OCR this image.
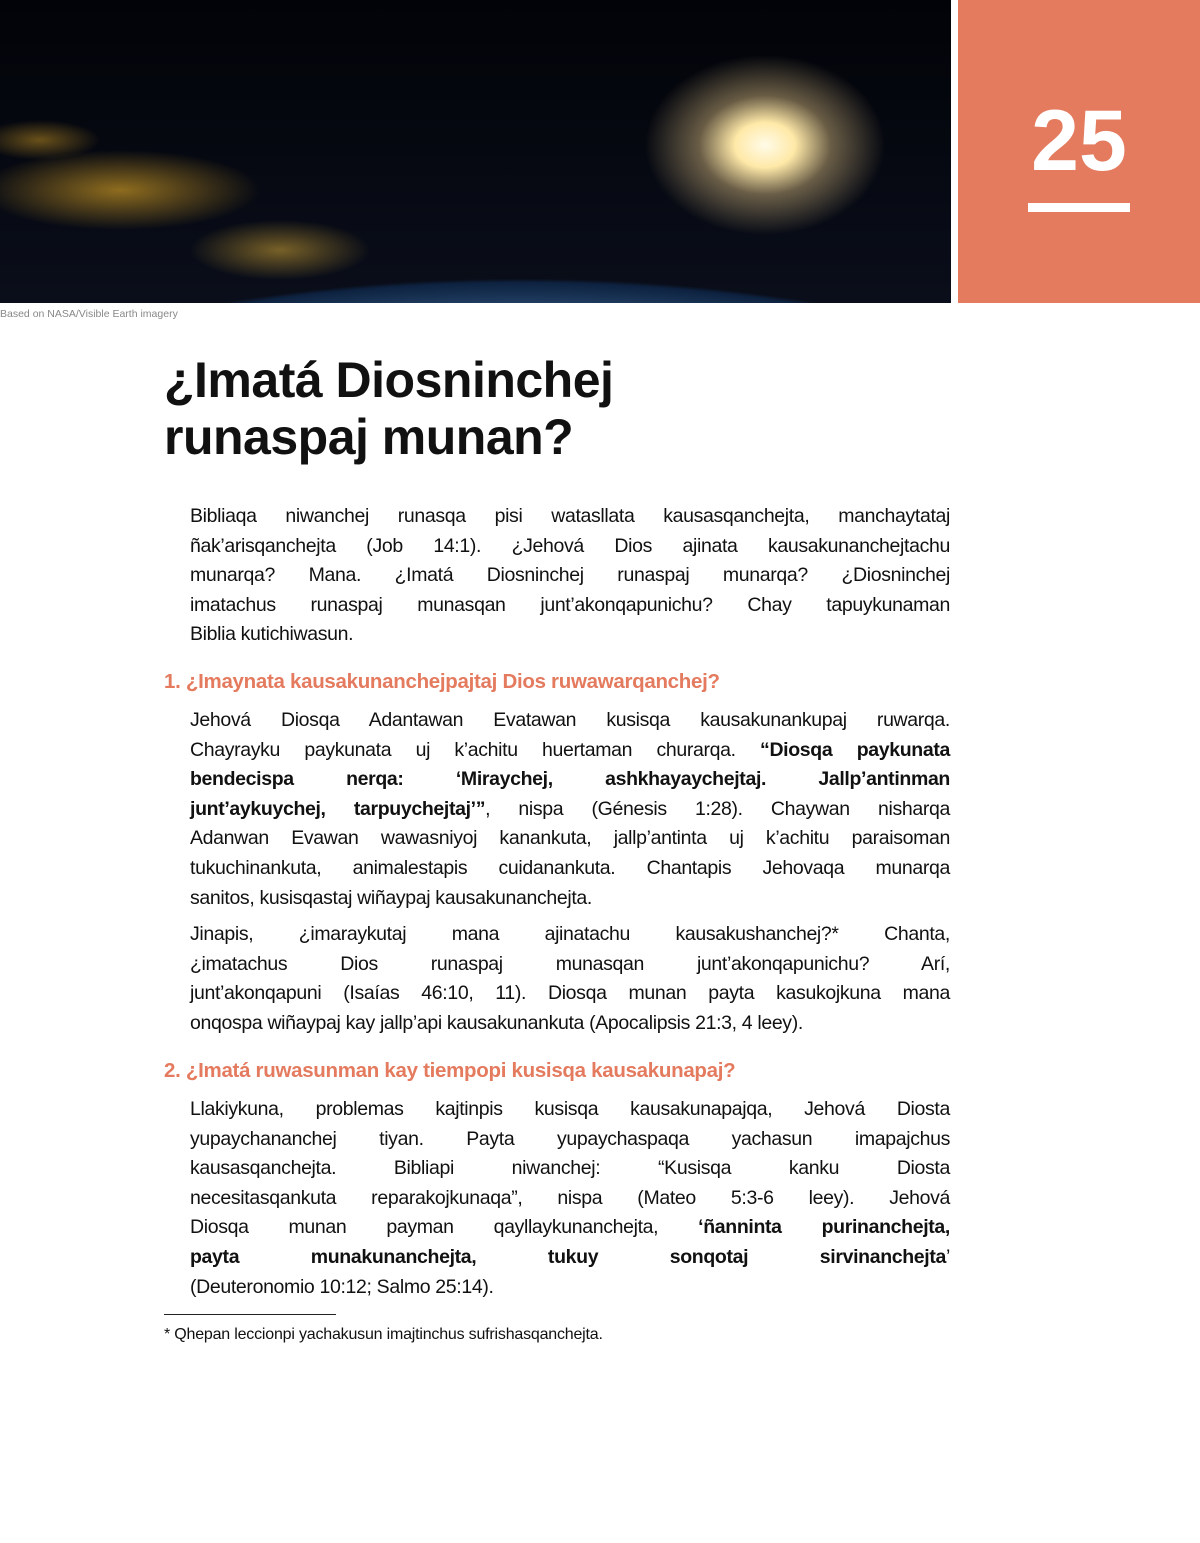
25
Based on NASA/Visible Earth imagery
¿Imatá Diosninchej
runaspaj munan?
Bibliaqa niwanchej runasqa pisi watasllata kausasqanchejta, manchaytataj
ñak’arisqanchejta (Job 14:1). ¿Jehová Dios ajinata kausakunanchejtachu
munarqa? Mana. ¿Imatá Diosninchej runaspaj munarqa? ¿Diosninchej
imatachus runaspaj munasqan junt’akonqapunichu? Chay tapuykunaman
Biblia kutichiwasun.
1. ¿Imaynata kausakunanchejpajtaj Dios ruwawarqanchej?
Jehová Diosqa Adantawan Evatawan kusisqa kausakunankupaj ruwarqa.
Chayrayku paykunata uj k’achitu huertaman churarqa. “Diosqa paykunata
bendecispa nerqa: ‘Miraychej, ashkhayaychejtaj. Jallp’antinman
junt’aykuychej, tarpuychejtaj’”, nispa (Génesis 1:28). Chaywan nisharqa
Adanwan Evawan wawasniyoj kanankuta, jallp’antinta uj k’achitu paraisoman
tukuchinankuta, animalestapis cuidanankuta. Chantapis Jehovaqa munarqa
sanitos, kusisqastaj wiñaypaj kausakunanchejta.
Jinapis, ¿imaraykutaj mana ajinatachu kausakushanchej?* Chanta,
¿imatachus Dios runaspaj munasqan junt’akonqapunichu? Arí,
junt’akonqapuni (Isaías 46:10, 11). Diosqa munan payta kasukojkuna mana
onqospa wiñaypaj kay jallp’api kausakunankuta (Apocalipsis 21:3, 4 leey).
2. ¿Imatá ruwasunman kay tiempopi kusisqa kausakunapaj?
Llakiykuna, problemas kajtinpis kusisqa kausakunapajqa, Jehová Diosta
yupaychananchej tiyan. Payta yupaychaspaqa yachasun imapajchus
kausasqanchejta. Bibliapi niwanchej: “Kusisqa kanku Diosta
necesitasqankuta reparakojkunaqa”, nispa (Mateo 5:3-6 leey). Jehová
Diosqa munan payman qayllaykunanchejta, ‘ñanninta purinanchejta,
payta munakunanchejta, tukuy sonqotaj sirvinanchejta’
(Deuteronomio 10:12; Salmo 25:14).
* Qhepan leccionpi yachakusun imajtinchus sufrishasqanchejta.
